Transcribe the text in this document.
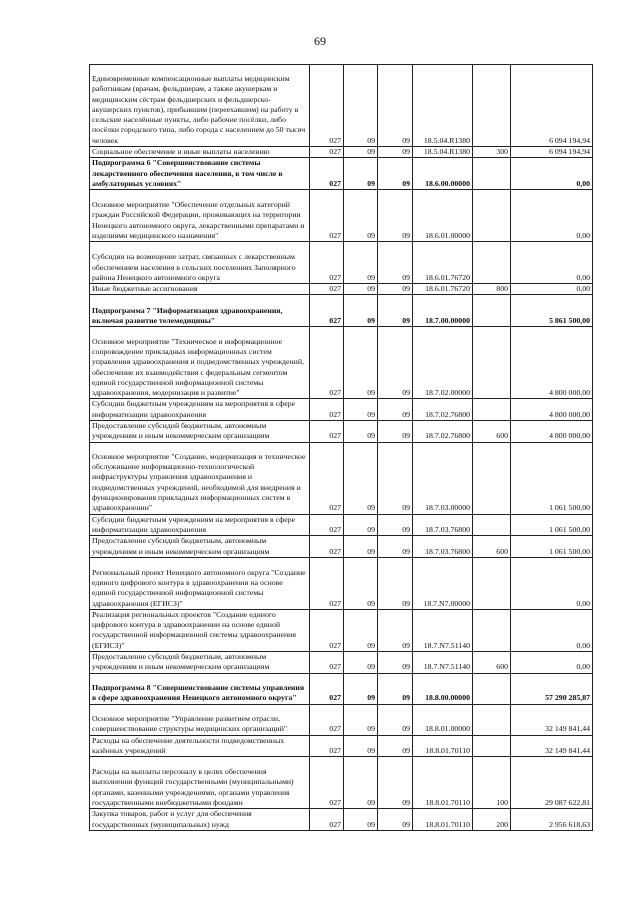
69
Единовременные компенсационные выплаты медицинским работникам (врачам, фельдшерам, а также акушеркам и медицинским сёстрам фельдшерских и фельдшерско-акушерских пунктов), прибывшим (переехавшим) на работу в сельские населённые пункты, либо рабочие посёлки, либо посёлки городского типа, либо города с населением до 50 тысяч человек	027	09	09	18.5.04.R1380		6 094 194,94
Социальное обеспечение и иные выплаты населению	027	09	09	18.5.04.R1380	300	6 094 194,94
Подпрограмма 6 "Совершенствование системы лекарственного обеспечения населения, в том числе в амбулаторных условиях"	027	09	09	18.6.00.00000		0,00
Основное мероприятие "Обеспечение отдельных категорий граждан Российской Федерации, проживающих на территории Ненецкого автономного округа, лекарственными препаратами и изделиями медицинского назначения"	027	09	09	18.6.01.00000		0,00
Субсидии на возмещение затрат, связанных с лекарственным обеспечением населения в сельских поселениях Заполярного района Ненецкого автономного округа	027	09	09	18.6.01.76720		0,00
Иные бюджетные ассигнования	027	09	09	18.6.01.76720	800	0,00
Подпрограмма 7 "Информатизация здравоохранения, включая развитие телемедицины"	027	09	09	18.7.00.00000		5 861 500,00
Основное мероприятие "Техническое и информационное сопровождение прикладных информационных систем управления здравоохранения и подведомственных учреждений, обеспечение их взаимодействия с федеральным сегментом единой государственной информационной системы здравоохранения, модернизация и развитие"	027	09	09	18.7.02.00000		4 800 000,00
Субсидии бюджетным учреждениям на мероприятия в сфере информатизации здравоохранения	027	09	09	18.7.02.76800		4 800 000,00
Предоставление субсидий бюджетным, автономным учреждениям и иным некоммерческим организациям	027	09	09	18.7.02.76800	600	4 800 000,00
Основное мероприятие "Создание, модернизация и техническое обслуживание информационно-технологической инфраструктуры управления здравоохранения и подведомственных учреждений, необходимой для внедрения и функционирования прикладных информационных систем в здравоохранении"	027	09	09	18.7.03.00000		1 061 500,00
Субсидии бюджетным учреждениям на мероприятия в сфере информатизации здравоохранения	027	09	09	18.7.03.76800		1 061 500,00
Предоставление субсидий бюджетным, автономным учреждениям и иным некоммерческим организациям	027	09	09	18.7.03.76800	600	1 061 500,00
Региональный проект Ненецкого автономного округа "Создание единого цифрового контура в здравоохранении на основе единой государственной информационной системы здравоохранения (ЕГИСЗ)"	027	09	09	18.7.N7.00000		0,00
Реализация региональных проектов "Создание единого цифрового контура в здравоохранении на основе единой государственной информационной системы здравоохранения (ЕГИСЗ)"	027	09	09	18.7.N7.51140		0,00
Предоставление субсидий бюджетным, автономным учреждениям и иным некоммерческим организациям	027	09	09	18.7.N7.51140	600	0,00
Подпрограмма 8 "Совершенствование системы управления в сфере здравоохранения Ненецкого автономного округа"	027	09	09	18.8.00.00000		57 290 285,87
Основное мероприятие "Управление развитием отрасли, совершенствование структуры медицинских организаций"	027	09	09	18.8.01.00000		32 149 841,44
Расходы на обеспечение деятельности подведомственных казённых учреждений	027	09	09	18.8.01.70110		32 149 841,44
Расходы на выплаты персоналу в целях обеспечения выполнения функций государственными (муниципальными) органами, казенными учреждениями, органами управления государственными внебюджетными фондами	027	09	09	18.8.01.70110	100	29 087 622,81
Закупка товаров, работ и услуг для обеспечения государственных (муниципальных) нужд	027	09	09	18.8.01.70110	200	2 956 618,63
